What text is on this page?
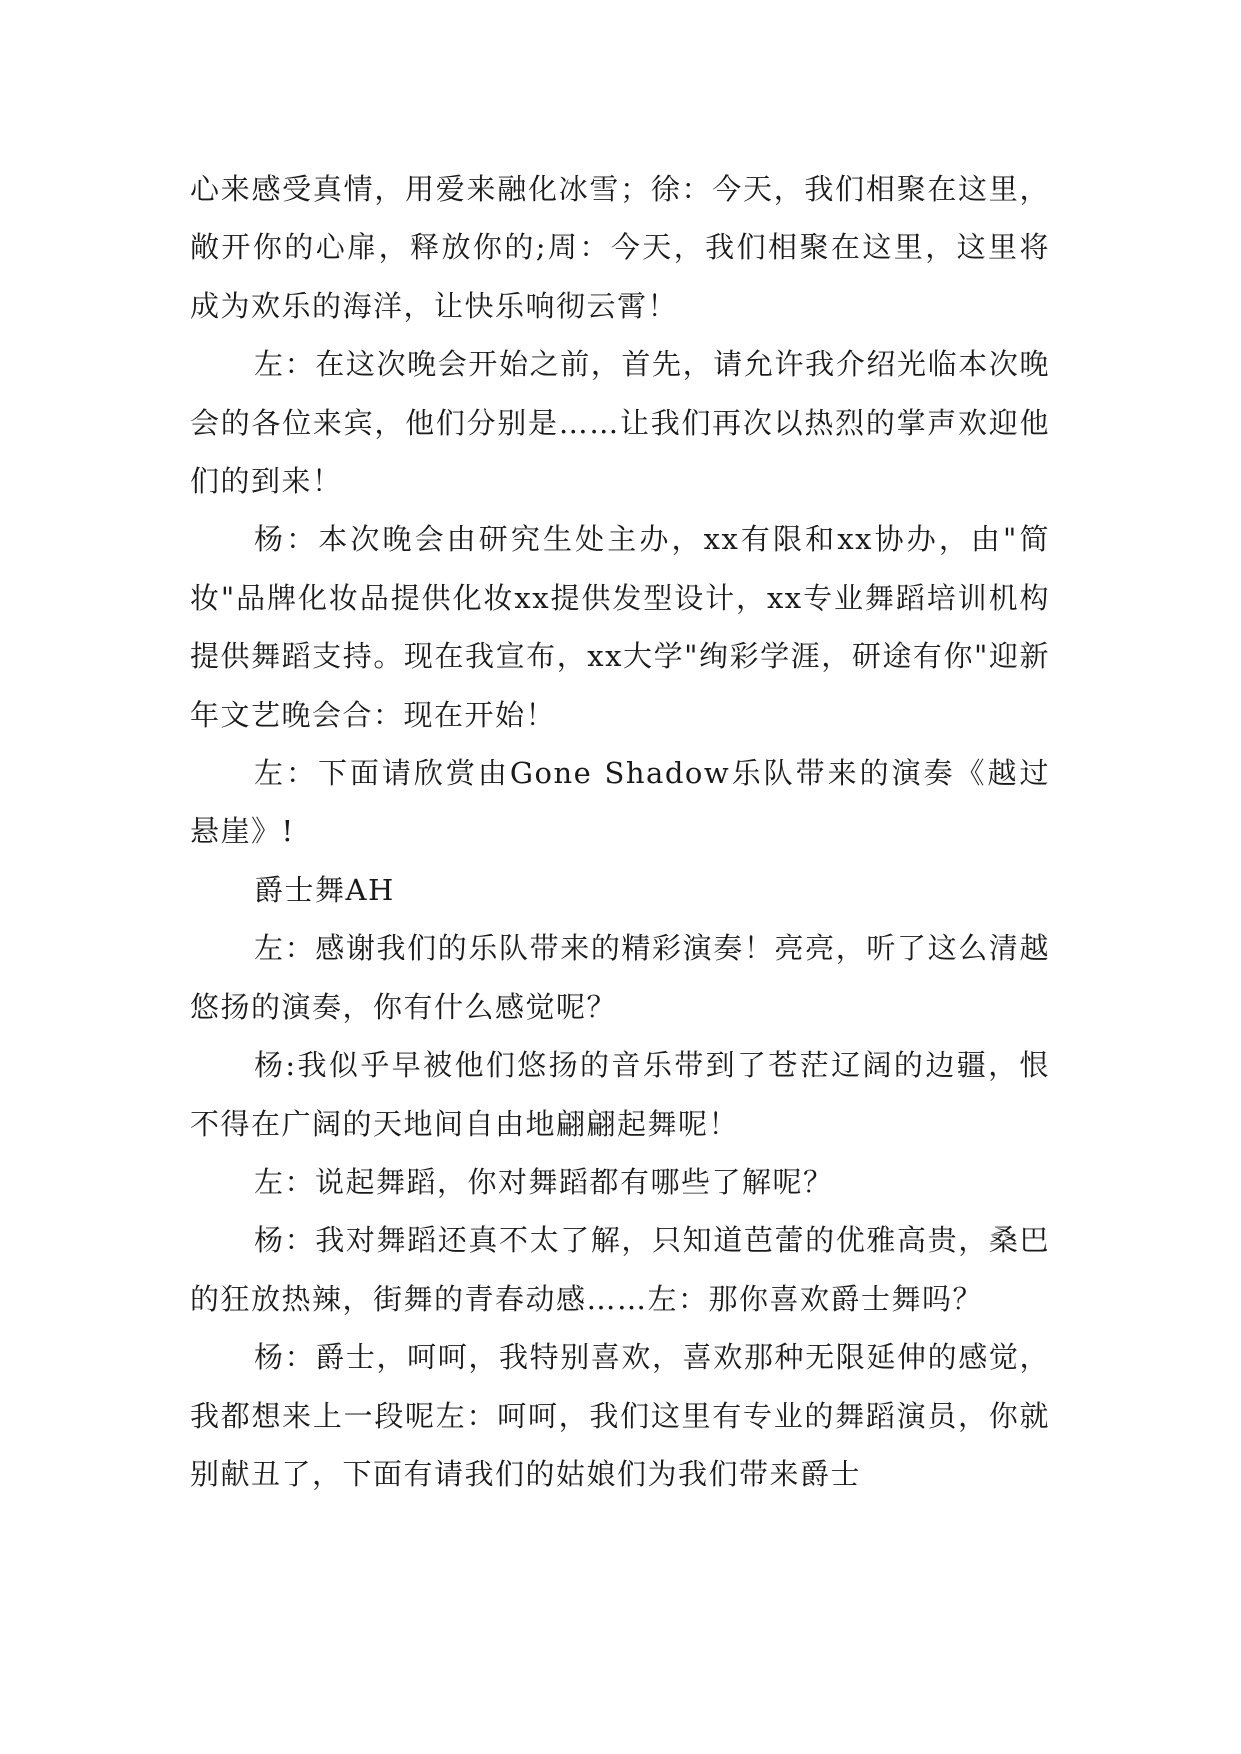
心来感受真情，用爱来融化冰雪；徐：今天，我们相聚在这里，敞开你的心扉，释放你的;周：今天，我们相聚在这里，这里将成为欢乐的海洋，让快乐响彻云霄！

左：在这次晚会开始之前，首先，请允许我介绍光临本次晚会的各位来宾，他们分别是……让我们再次以热烈的掌声欢迎他们的到来！

杨：本次晚会由研究生处主办，xx有限和xx协办，由"简妆"品牌化妆品提供化妆xx提供发型设计，xx专业舞蹈培训机构提供舞蹈支持。现在我宣布，xx大学"绚彩学涯，研途有你"迎新年文艺晚会合：现在开始！

左：下面请欣赏由Gone Shadow乐队带来的演奏《越过悬崖》!

爵士舞AH

左：感谢我们的乐队带来的精彩演奏！亮亮，听了这么清越悠扬的演奏，你有什么感觉呢？

杨:我似乎早被他们悠扬的音乐带到了苍茫辽阔的边疆，恨不得在广阔的天地间自由地翩翩起舞呢！

左：说起舞蹈，你对舞蹈都有哪些了解呢？

杨：我对舞蹈还真不太了解，只知道芭蕾的优雅高贵，桑巴的狂放热辣，街舞的青春动感……左：那你喜欢爵士舞吗？

杨：爵士，呵呵，我特别喜欢，喜欢那种无限延伸的感觉，我都想来上一段呢左：呵呵，我们这里有专业的舞蹈演员，你就别献丑了，下面有请我们的姑娘们为我们带来爵士
